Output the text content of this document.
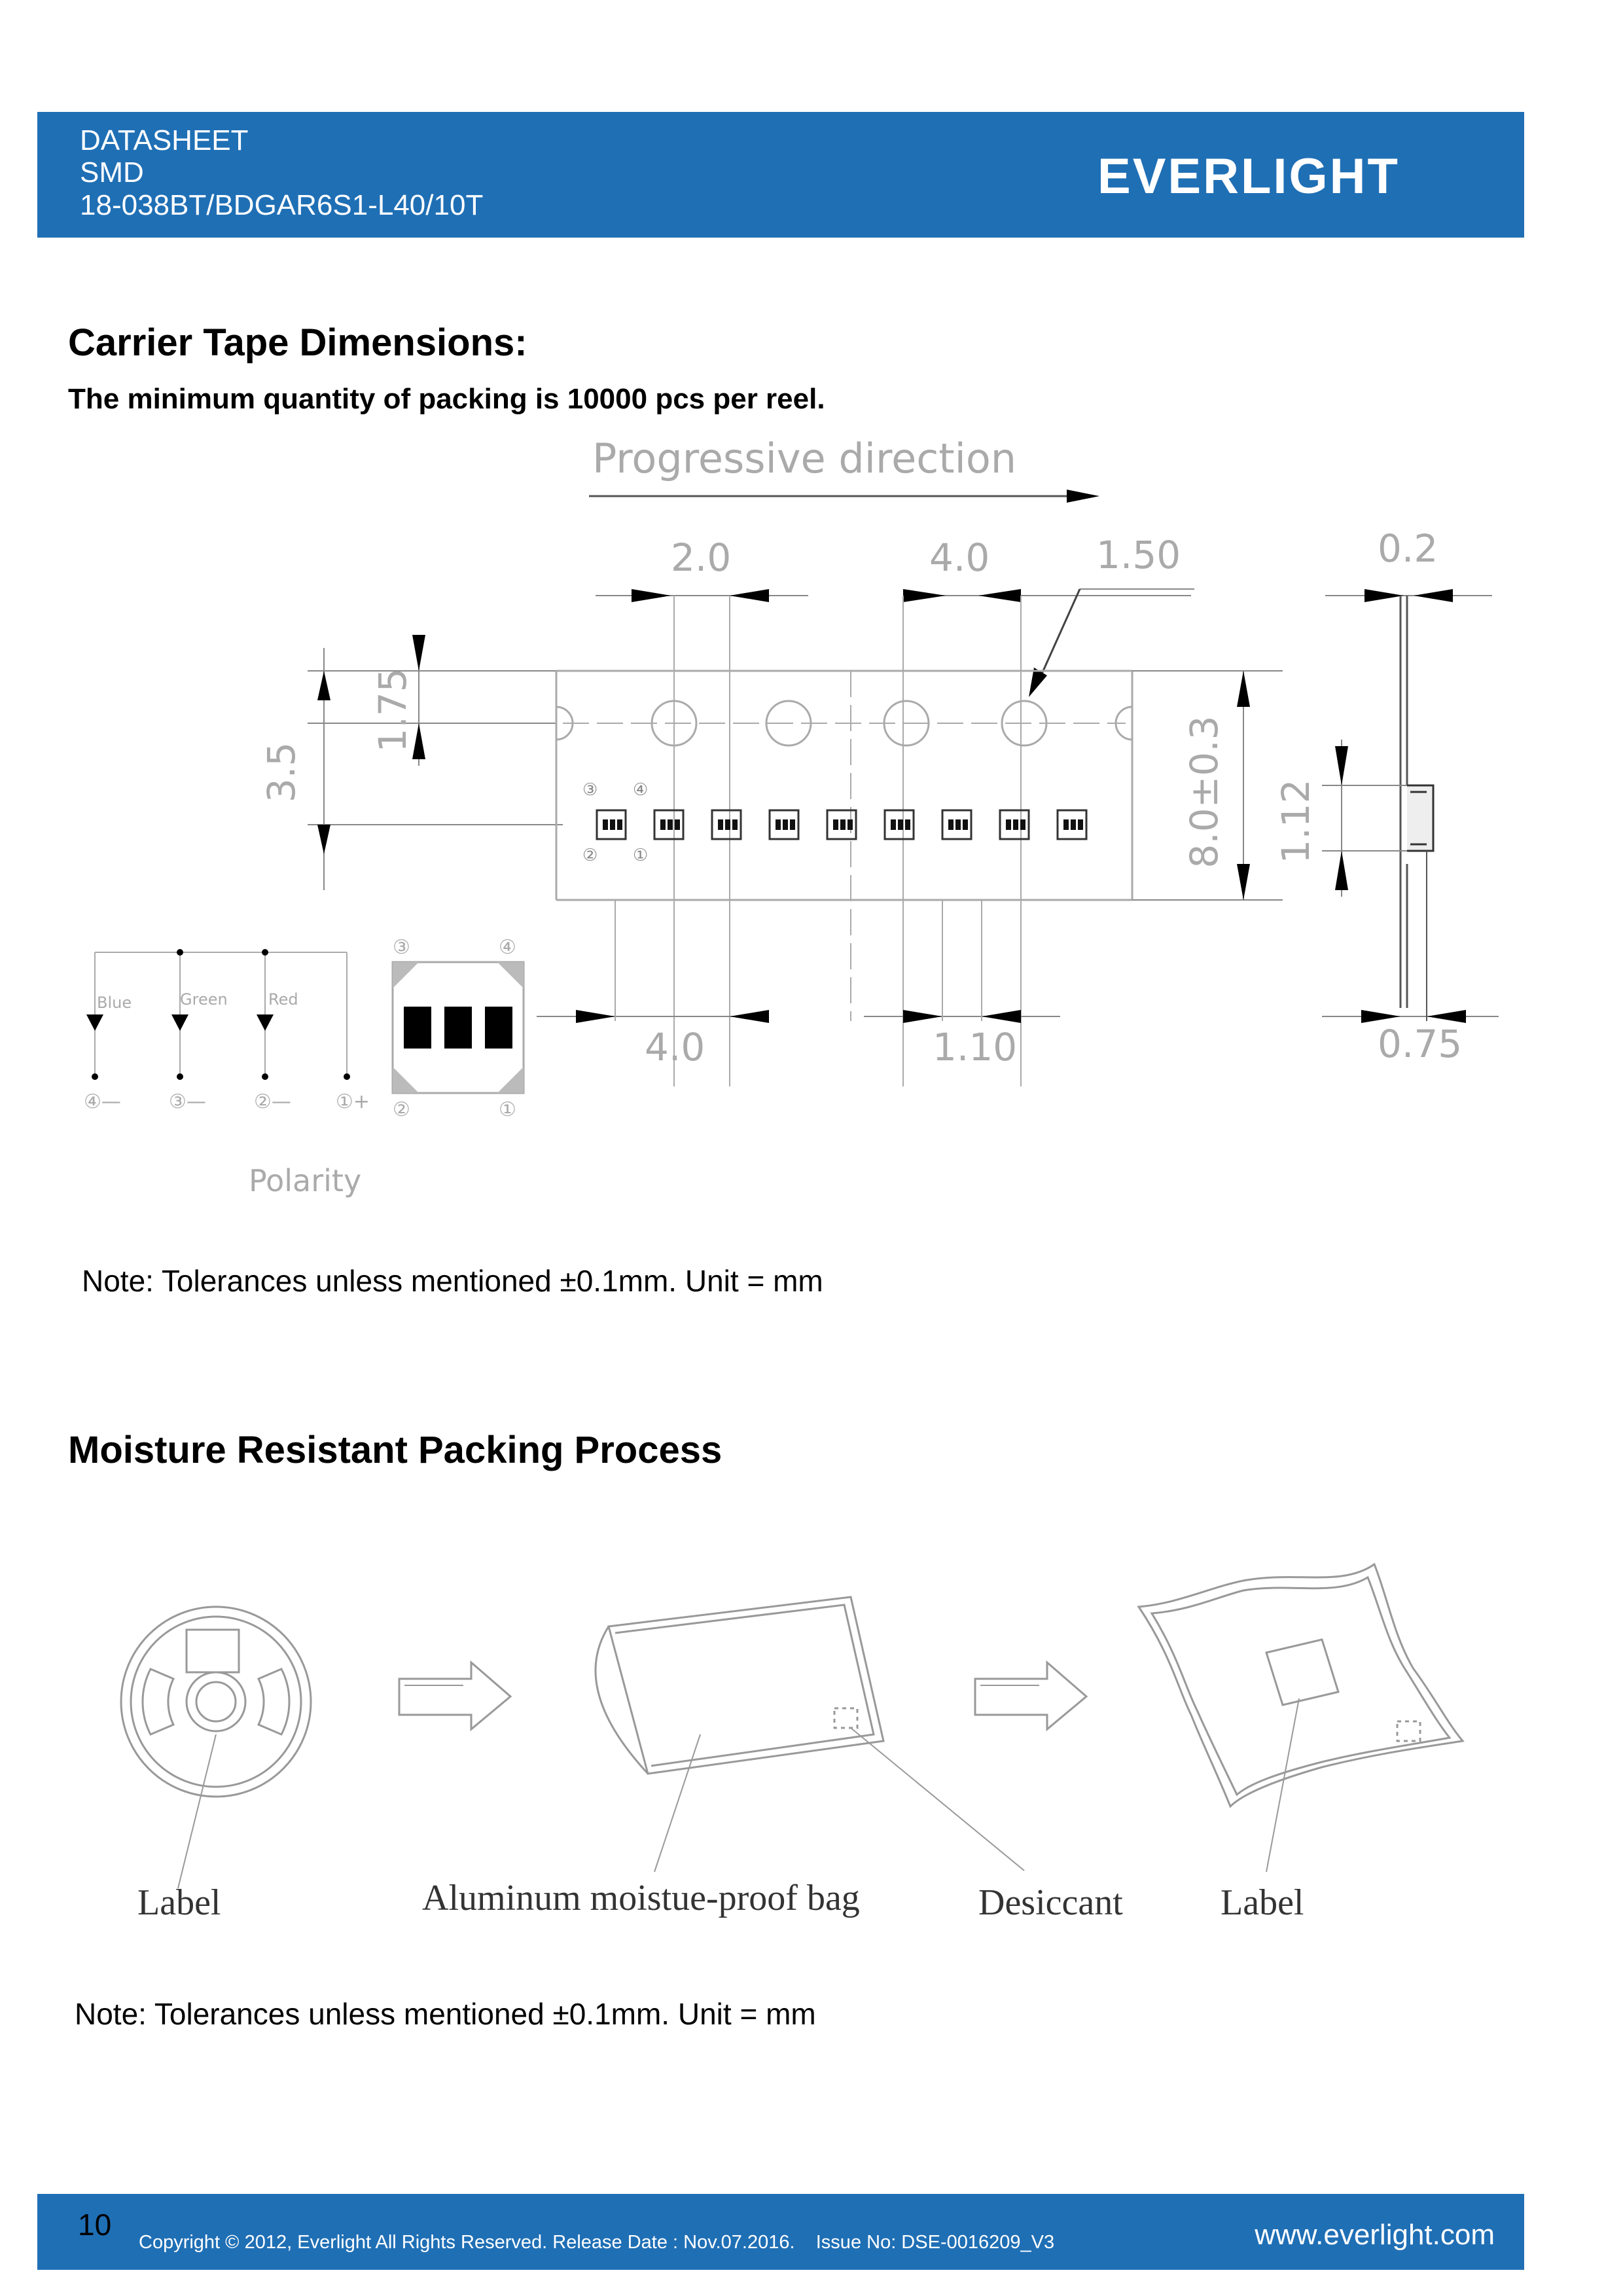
DATASHEET
SMD
18-038BT/BDGAR6S1-L40/10T
EVERLIGHT
Carrier Tape Dimensions:
The minimum quantity of packing is 10000 pcs per reel.
Progressive direction
2.0	4.0	1.50	0.2
1.75
3.5	③ ④
② ①	8.0±0.3 1.12
4.0	1.10	0.75
Blue	Green	Red
④— ③— ②— ①+
Polarity
③	④
②	①
Note: Tolerances unless mentioned ±0.1mm. Unit = mm
Moisture Resistant Packing Process
Label	Aluminum moistue-proof bag	Desiccant	Label
Note: Tolerances unless mentioned ±0.1mm. Unit = mm
10
Copyright © 2012, Everlight All Rights Reserved. Release Date : Nov.07.2016.    Issue No: DSE-0016209_V3	www.everlight.com
